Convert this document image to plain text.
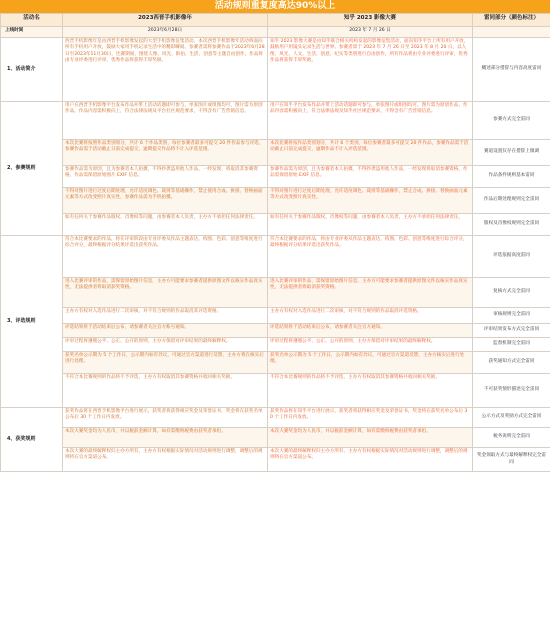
活动规则重复度高达90%以上
活动名	2023西晋手机影像年	知乎 2023 影像大赛	雷同部分（颜色标注）
上线时间	2023年6月28日	2023 年 7 月 26 日	
1、活动简介	西晋手机影像年是由西晋手机影像发起的大型手机影像征集活动。本次西晋手机影像年活动将面向所有手机用户开放，鼓励大家用手机记录生活中的精彩瞬间。参赛者需将参赛作品于2023年6月28日至2023年11月30日，比赛期间，围绕人像、风光、街拍、生活、创意等主题自由创作，作品将由专业评委进行评审，优秀作品将获得丰厚奖励。	知乎 2023 影像大赛是由知乎联合相关机构发起的影像征集活动，面向知乎平台上所有用户开放，鼓励用户用镜头记录生活与世界。参赛者需于 2023 年 7 月 26 日至 2023 年 8 月 20 日，以人像、风光、人文、生活、创意、纪实等类别进行自由创作，所有作品将由专业评委进行评审，优秀作品将获得丰厚奖励。	概述部分措辞与内容高度雷同
2、参赛规则	用户在西晋手机影像平台发布作品并带上活动话题即可参与，单张图片或组图均可，图片需为原创作品，作品内容需积极向上，符合法律法规及平台社区规范要求，不得含有广告营销信息。	用户在知乎平台发布作品并带上活动话题即可参与，单张图片或组图均可，图片需为原创作品，作品内容需积极向上，符合法律法规及知乎社区规范要求，不得含有广告营销信息。	参赛方式完全雷同
	本次比赛将按照作品类别划分，共计 6 个作品类别，每位参赛者最多可提交 20 件作品参与评选，参赛作品需于活动截止日前完成提交，逾期提交作品将不计入评选范围。	本次比赛将按作品类别划分，共计 6 个类别，每位参赛者最多可提交 20 件作品，参赛作品需于活动截止日前完成提交，逾期作品不计入评选范围。	赛道设置仅存在措辞上微调
	参赛作品需为原创，且为参赛者本人拍摄，不得抄袭盗用他人作品，一经发现，将取消其参赛资格。作品需保留原始图片 EXIF 信息。	参赛作品需为原创，且为参赛者本人拍摄，不得抄袭盗用他人作品，一经发现将取消参赛资格。作品需保留原始 EXIF 信息。	作品条件规则基本雷同
	不得对图片进行过度后期处理，允许适度调色、裁剪等基础操作，禁止使用合成、拼接、替换画面元素等方式改变照片真实性，参赛作品需为手机拍摄。	不得对图片进行过度后期处理，允许适度调色、裁剪等基础操作，禁止合成、拼接、替换画面元素等方式改变照片真实性。	作品后期处理规则完全雷同
	如有任何关于参赛作品版权、肖像权等问题，由参赛者本人负责，主办方不承担任何法律责任。	如有任何关于参赛作品版权、肖像权等问题，由参赛者本人负责，主办方不承担任何法律责任。	版权及肖像权规则完全雷同
3、评选规则	符合本比赛要求的作品，将在评审阶段由专业评委从作品主题表达、构图、色彩、创意等维度进行综合评分，最终根据评分结果评选出获奖作品。	符合本比赛要求的作品，将由专业评委从作品主题表达、构图、色彩、创意等维度进行综合评分，最终根据评分结果评选出获奖作品。	评选依据高度雷同
	进入比赛评审的作品，需保留原始图片信息，主办方可能要求参赛者提供原图文件以核实作品真实性，无法提供者将取消获奖资格。	进入比赛评审的作品，需保留原始图片信息，主办方可能要求参赛者提供原图文件以核实作品真实性，无法提供者将取消获奖资格。	复核方式完全雷同
	主办方有权对入选作品进行二次审核，对不符合规则的作品取消其评选资格。	主办方有权对入选作品进行二次审核，对不符合规则的作品取消评选资格。	审核规则完全雷同
	评选结果将于活动结束后公布，请参赛者关注官方账号通知。	评选结果将于活动结束后公布，请参赛者关注官方通知。	评审结果发布方式完全雷同
	评审过程将遵循公平、公正、公开的原则，主办方保留对评审结果的最终解释权。	评审过程将遵循公平、公正、公开的原则，主办方保留对评审结果的最终解释权。	监督机制完全雷同
	获奖名单公示期为 5 个工作日，公示期内如有异议，可通过官方渠道进行反馈，主办方将在核实后进行处理。	获奖名单公示期为 5 个工作日，公示期内如有异议，可通过官方渠道反馈，主办方核实后进行处理。	获奖通知方式完全雷同
	不符合本比赛规则的作品将不予评选，主办方有权取消其参赛资格并收回相关奖励。	不符合本比赛规则的作品将不予评选，主办方有权取消其参赛资格并收回相关奖励。	不可获奖情形描述完全雷同
4、获奖规则	获奖作品将在西晋手机影像平台进行展示，获奖者将获得相应奖金及荣誉证书，奖金将在获奖名单公布后 30 个工作日内发放。	获奖作品将在知乎平台进行展示，获奖者将获得相应奖金及荣誉证书，奖金将在获奖名单公布后 30 个工作日内发放。	公示方式及奖励方式完全雷同
	本次大赛奖金均为人民币，并以税前金额计算，如有需缴纳税费由获奖者承担。	本次大赛奖金均为人民币，并以税前金额计算，如有需缴纳税费由获奖者承担。	税务说明完全雷同
	本次大赛的最终解释权归主办方所有，主办方有权根据实际情况对活动规则进行调整，调整后的规则将在官方渠道公布。	本次大赛的最终解释权归主办方所有，主办方有权根据实际情况对活动规则进行调整，调整后的规则将在官方渠道公布。	奖金领取方式与最终解释权完全雷同
